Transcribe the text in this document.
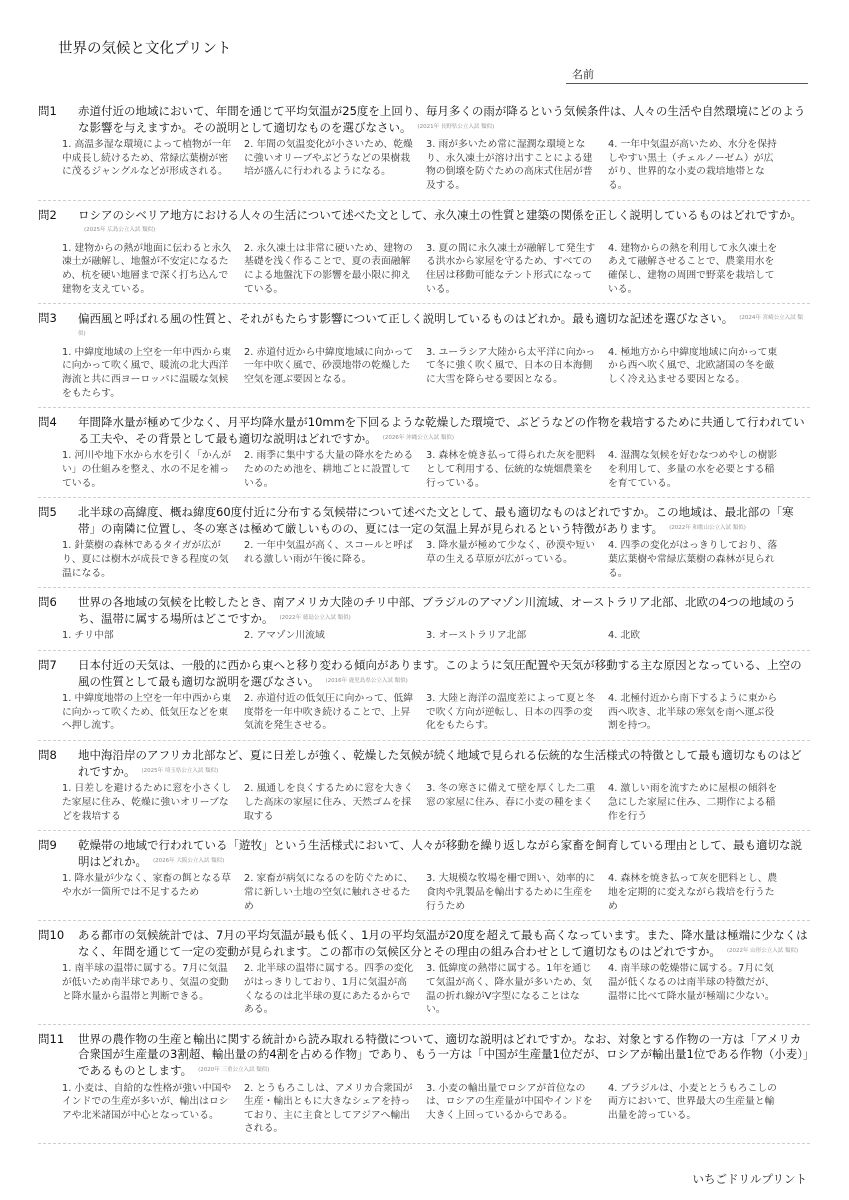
世界の気候と文化プリント
名前
問1 赤道付近の地域において、年間を通じて平均気温が25度を上回り、毎月多くの雨が降るという気候条件は、人々の生活や自然環境にどのような影響を与えますか。その説明として適切なものを選びなさい。 (2021年 長野県公立入試 類似)
1. 高温多湿な環境によって植物が一年中成長し続けるため、常緑広葉樹が密に茂るジャングルなどが形成される。
2. 年間の気温変化が小さいため、乾燥に強いオリーブやぶどうなどの果樹栽培が盛んに行われるようになる。
3. 雨が多いため常に湿潤な環境となり、永久凍土が溶け出すことによる建物の倒壊を防ぐための高床式住居が普及する。
4. 一年中気温が高いため、水分を保持しやすい黒土（チェルノーゼム）が広がり、世界的な小麦の栽培地帯となる。
問2 ロシアのシベリア地方における人々の生活について述べた文として、永久凍土の性質と建築の関係を正しく説明しているものはどれですか。(2025年 広島公立入試 類似)
1. 建物からの熱が地面に伝わると永久凍土が融解し、地盤が不安定になるため、杭を硬い地層まで深く打ち込んで建物を支えている。
2. 永久凍土は非常に硬いため、建物の基礎を浅く作ることで、夏の表面融解による地盤沈下の影響を最小限に抑えている。
3. 夏の間に永久凍土が融解して発生する洪水から家屋を守るため、すべての住居は移動可能なテント形式になっている。
4. 建物からの熱を利用して永久凍土をあえて融解させることで、農業用水を確保し、建物の周囲で野菜を栽培している。
問3 偏西風と呼ばれる風の性質と、それがもたらす影響について正しく説明しているものはどれか。最も適切な記述を選びなさい。 (2024年 宮崎公立入試 類似)
1. 中緯度地域の上空を一年中西から東に向かって吹く風で、暖流の北大西洋海流と共に西ヨーロッパに温暖な気候をもたらす。
2. 赤道付近から中緯度地域に向かって一年中吹く風で、砂漠地帯の乾燥した空気を運ぶ要因となる。
3. ユーラシア大陸から太平洋に向かって冬に強く吹く風で、日本の日本海側に大雪を降らせる要因となる。
4. 極地方から中緯度地域に向かって東から西へ吹く風で、北欧諸国の冬を厳しく冷え込ませる要因となる。
問4 年間降水量が極めて少なく、月平均降水量が10mmを下回るような乾燥した環境で、ぶどうなどの作物を栽培するために共通して行われている工夫や、その背景として最も適切な説明はどれですか。 (2026年 沖縄公立入試 類似)
1. 河川や地下水から水を引く「かんがい」の仕組みを整え、水の不足を補っている。
2. 雨季に集中する大量の降水をためるためのため池を、耕地ごとに設置している。
3. 森林を焼き払って得られた灰を肥料として利用する、伝統的な焼畑農業を行っている。
4. 湿潤な気候を好むなつめやしの樹影を利用して、多量の水を必要とする稲を育てている。
問5 北半球の高緯度、概ね緯度60度付近に分布する気候帯について述べた文として、最も適切なものはどれですか。この地域は、最北部の「寒帯」の南隣に位置し、冬の寒さは極めて厳しいものの、夏には一定の気温上昇が見られるという特徴があります。 (2022年 和歌山公立入試 類似)
1. 針葉樹の森林であるタイガが広がり、夏には樹木が成長できる程度の気温になる。
2. 一年中気温が高く、スコールと呼ばれる激しい雨が午後に降る。
3. 降水量が極めて少なく、砂漠や短い草の生える草原が広がっている。
4. 四季の変化がはっきりしており、落葉広葉樹や常緑広葉樹の森林が見られる。
問6 世界の各地域の気候を比較したとき、南アメリカ大陸のチリ中部、ブラジルのアマゾン川流域、オーストラリア北部、北欧の4つの地域のうち、温帯に属する場所はどこですか。 (2022年 徳島公立入試 類似)
1. チリ中部	2. アマゾン川流域	3. オーストラリア北部	4. 北欧
問7 日本付近の天気は、一般的に西から東へと移り変わる傾向があります。このように気圧配置や天気が移動する主な原因となっている、上空の風の性質として最も適切な説明を選びなさい。 (2016年 鹿児島県公立入試 類似)
1. 中緯度地帯の上空を一年中西から東に向かって吹くため、低気圧などを東へ押し流す。
2. 赤道付近の低気圧に向かって、低緯度帯を一年中吹き続けることで、上昇気流を発生させる。
3. 大陸と海洋の温度差によって夏と冬で吹く方向が逆転し、日本の四季の変化をもたらす。
4. 北極付近から南下するように東から西へ吹き、北半球の寒気を南へ運ぶ役割を持つ。
問8 地中海沿岸のアフリカ北部など、夏に日差しが強く、乾燥した気候が続く地域で見られる伝統的な生活様式の特徴として最も適切なものはどれですか。 (2025年 埼玉県公立入試 類似)
1. 日差しを避けるために窓を小さくした家屋に住み、乾燥に強いオリーブなどを栽培する
2. 風通しを良くするために窓を大きくした高床の家屋に住み、天然ゴムを採取する
3. 冬の寒さに備えて壁を厚くした二重窓の家屋に住み、春に小麦の種をまく
4. 激しい雨を流すために屋根の傾斜を急にした家屋に住み、二期作による稲作を行う
問9 乾燥帯の地域で行われている「遊牧」という生活様式において、人々が移動を繰り返しながら家畜を飼育している理由として、最も適切な説明はどれか。 (2026年 大阪公立入試 類似)
1. 降水量が少なく、家畜の餌となる草や水が一箇所では不足するため
2. 家畜が病気になるのを防ぐために、常に新しい土地の空気に触れさせるため
3. 大規模な牧場を柵で囲い、効率的に食肉や乳製品を輸出するために生産を行うため
4. 森林を焼き払って灰を肥料とし、農地を定期的に変えながら栽培を行うため
問10 ある都市の気候統計では、7月の平均気温が最も低く、1月の平均気温が20度を超えて最も高くなっています。また、降水量は極端に少なくはなく、年間を通じて一定の変動が見られます。この都市の気候区分とその理由の組み合わせとして適切なものはどれですか。 (2022年 山形公立入試 類似)
1. 南半球の温帯に属する。7月に気温が低いため南半球であり、気温の変動と降水量から温帯と判断できる。
2. 北半球の温帯に属する。四季の変化がはっきりしており、1月に気温が高くなるのは北半球の夏にあたるからである。
3. 低緯度の熱帯に属する。1年を通じて気温が高く、降水量が多いため、気温の折れ線がV字型になることはない。
4. 南半球の乾燥帯に属する。7月に気温が低くなるのは南半球の特徴だが、温帯に比べて降水量が極端に少ない。
問11 世界の農作物の生産と輸出に関する統計から読み取れる特徴について、適切な説明はどれですか。なお、対象とする作物の一方は「アメリカ合衆国が生産量の3割超、輸出量の約4割を占める作物」であり、もう一方は「中国が生産量1位だが、ロシアが輸出量1位である作物（小麦）」であるものとします。 (2020年 三重公立入試 類似)
1. 小麦は、自給的な性格が強い中国やインドでの生産が多いが、輸出はロシアや北米諸国が中心となっている。
2. とうもろこしは、アメリカ合衆国が生産・輸出ともに大きなシェアを持っており、主に主食としてアジアへ輸出される。
3. 小麦の輸出量でロシアが首位なのは、ロシアの生産量が中国やインドを大きく上回っているからである。
4. ブラジルは、小麦ととうもろこしの両方において、世界最大の生産量と輸出量を誇っている。
いちごドリルプリント
